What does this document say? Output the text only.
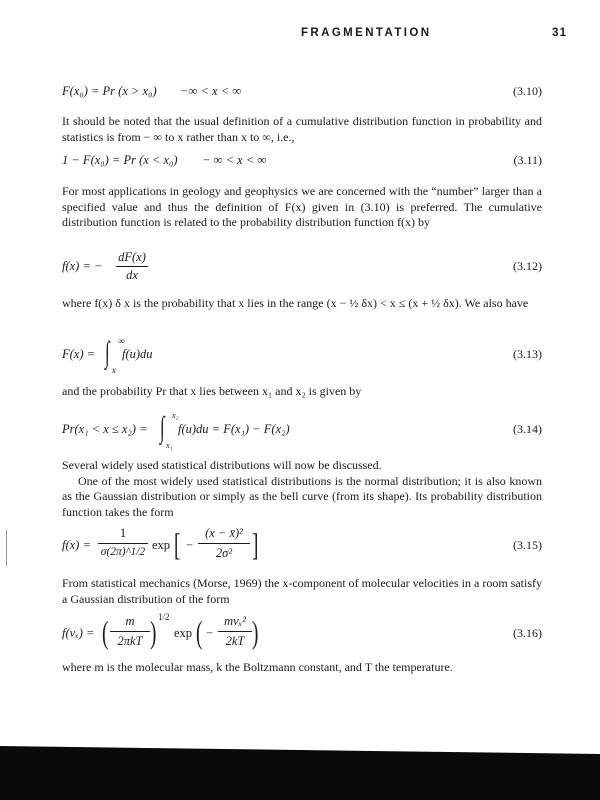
FRAGMENTATION	31
F(x₀) = Pr (x > x₀) −∞ < x < ∞	(3.10)

It should be noted that the usual definition of a cumulative distribution function in probability and statistics is from − ∞ to x rather than x to ∞, i.e.,

1 − F(x₀) = Pr (x < x₀) − ∞ < x < ∞	(3.11)

For most applications in geology and geophysics we are concerned with the “number” larger than a specified value and thus the definition of F(x) given in (3.10) is preferred. The cumulative distribution function is related to the probability distribution function f(x) by

f(x) = −
dF(x)
dx
(3.12)

where f(x) δ x is the probability that x lies in the range (x − ½ δx) < x ≤ (x + ½ δx). We also have

F(x) = ∫ ∞
x
f(u)du	(3.13)

and the probability Pr that x lies between x₁ and x₂ is given by

Pr(x₁ < x ≤ x₂) = ∫ x₂
x₁
f(u)du = F(x₁) − F(x₂)	(3.14)

Several widely used statistical distributions will now be discussed.

One of the most widely used statistical distributions is the normal distribution; it is also known as the Gaussian distribution or simply as the bell curve (from its shape). Its probability distribution function takes the form

f(x) =
1
σ(2π)^1/2 exp [ −
(x − x̄)²
2σ² ]	(3.15)

From statistical mechanics (Morse, 1969) the x-component of molecular velocities in a room satisfy a Gaussian distribution of the form

f(vₓ) = (	m
2πkT ) 1/2
exp ( −
mvₓ²
2kT )	(3.16)

where m is the molecular mass, k the Boltzmann constant, and T the temperature.
